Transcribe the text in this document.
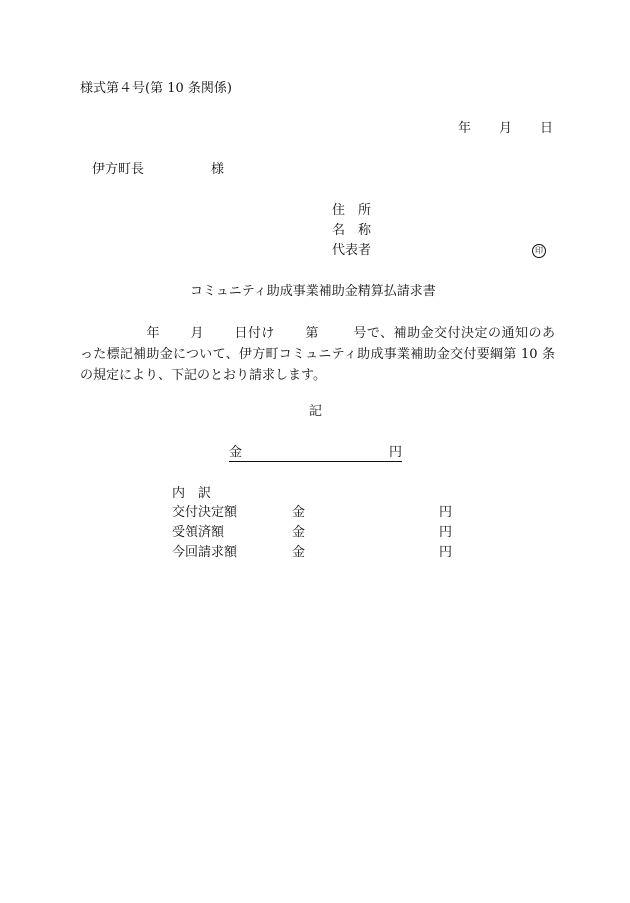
様式第４号(第 10 条関係)
年 月 日
伊方町長	様
住　所
名　称
代表者	印
コミュニティ助成事業補助金精算払請求書
年 月 日付け 第	号で、補助金交付決定の通知のあった標記補助金について、伊方町コミュニティ助成事業補助金交付要綱第 10 条の規定により、下記のとおり請求します。
記
金	円
内　訳
交付決定額	金	円
受領済額	金	円
今回請求額	金	円
